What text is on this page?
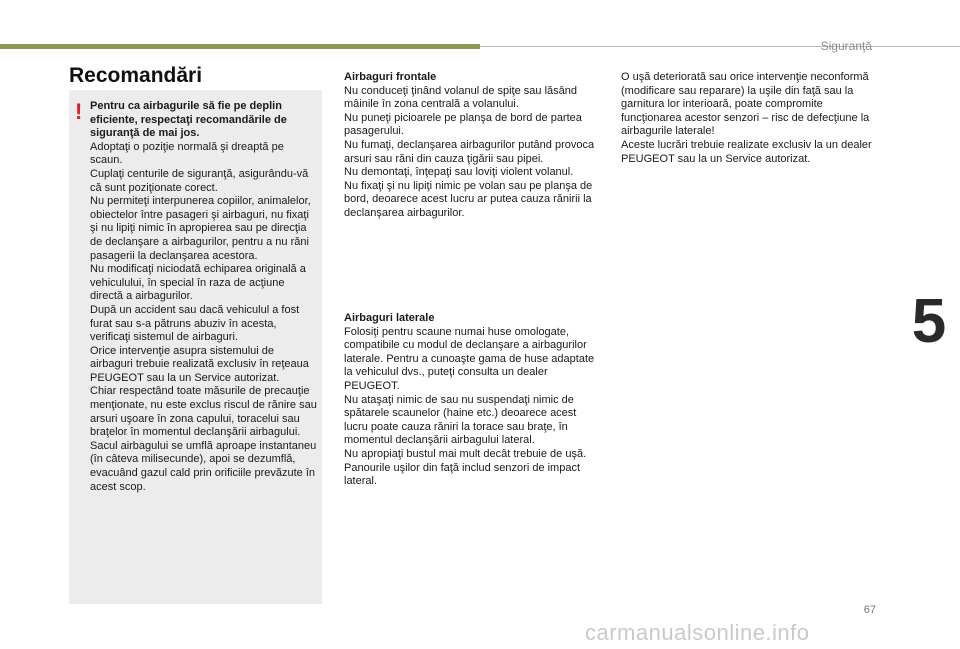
Siguranţă
5
Recomandări
! Pentru ca airbagurile să fie pe deplin eficiente, respectaţi recomandările de siguranţă de mai jos.

Adoptaţi o poziţie normală şi dreaptă pe scaun.

Cuplaţi centurile de siguranţă, asigurându-vă că sunt poziţionate corect.

Nu permiteţi interpunerea copiilor, animalelor, obiectelor între pasageri şi airbaguri, nu fixaţi şi nu lipiţi nimic în apropierea sau pe direcţia de declanşare a airbagurilor, pentru a nu răni pasagerii la declanşarea acestora.

Nu modificaţi niciodată echiparea originală a vehiculului, în special în raza de acţiune directă a airbagurilor.

După un accident sau dacă vehiculul a fost furat sau s-a pătruns abuziv în acesta, verificaţi sistemul de airbaguri.

Orice intervenţie asupra sistemului de airbaguri trebuie realizată exclusiv în reţeaua PEUGEOT sau la un Service autorizat.

Chiar respectând toate măsurile de precauţie menţionate, nu este exclus riscul de rănire sau arsuri uşoare în zona capului, toracelui sau braţelor în momentul declanşării airbagului. Sacul airbagului se umflă aproape instantaneu (în câteva milisecunde), apoi se dezumflă, evacuând gazul cald prin orificiile prevăzute în acest scop.

Airbaguri frontale

Nu conduceţi ţinând volanul de spiţe sau lăsând mâinile în zona centrală a volanului.

Nu puneţi picioarele pe planşa de bord de partea pasagerului.

Nu fumaţi, declanşarea airbagurilor putând provoca arsuri sau răni din cauza ţigării sau pipei.

Nu demontaţi, înţepaţi sau loviţi violent volanul.

Nu fixaţi şi nu lipiţi nimic pe volan sau pe planşa de bord, deoarece acest lucru ar putea cauza rănirii la declanşarea airbagurilor.

Airbaguri laterale

Folosiţi pentru scaune numai huse omologate, compatibile cu modul de declanşare a airbagurilor laterale. Pentru a cunoaşte gama de huse adaptate la vehiculul dvs., puteţi consulta un dealer PEUGEOT.

Nu ataşaţi nimic de sau nu suspendaţi nimic de spătarele scaunelor (haine etc.) deoarece acest lucru poate cauza răniri la torace sau braţe, în momentul declanşării airbagului lateral.

Nu apropiaţi bustul mai mult decât trebuie de uşă.

Panourile uşilor din faţă includ senzori de impact lateral.

O uşă deteriorată sau orice intervenţie neconformă (modificare sau reparare) la uşile din faţă sau la garnitura lor interioară, poate compromite funcţionarea acestor senzori – risc de defecţiune la airbagurile laterale!

Aceste lucrări trebuie realizate exclusiv la un dealer PEUGEOT sau la un Service autorizat.

67
carmanualsonline.info
